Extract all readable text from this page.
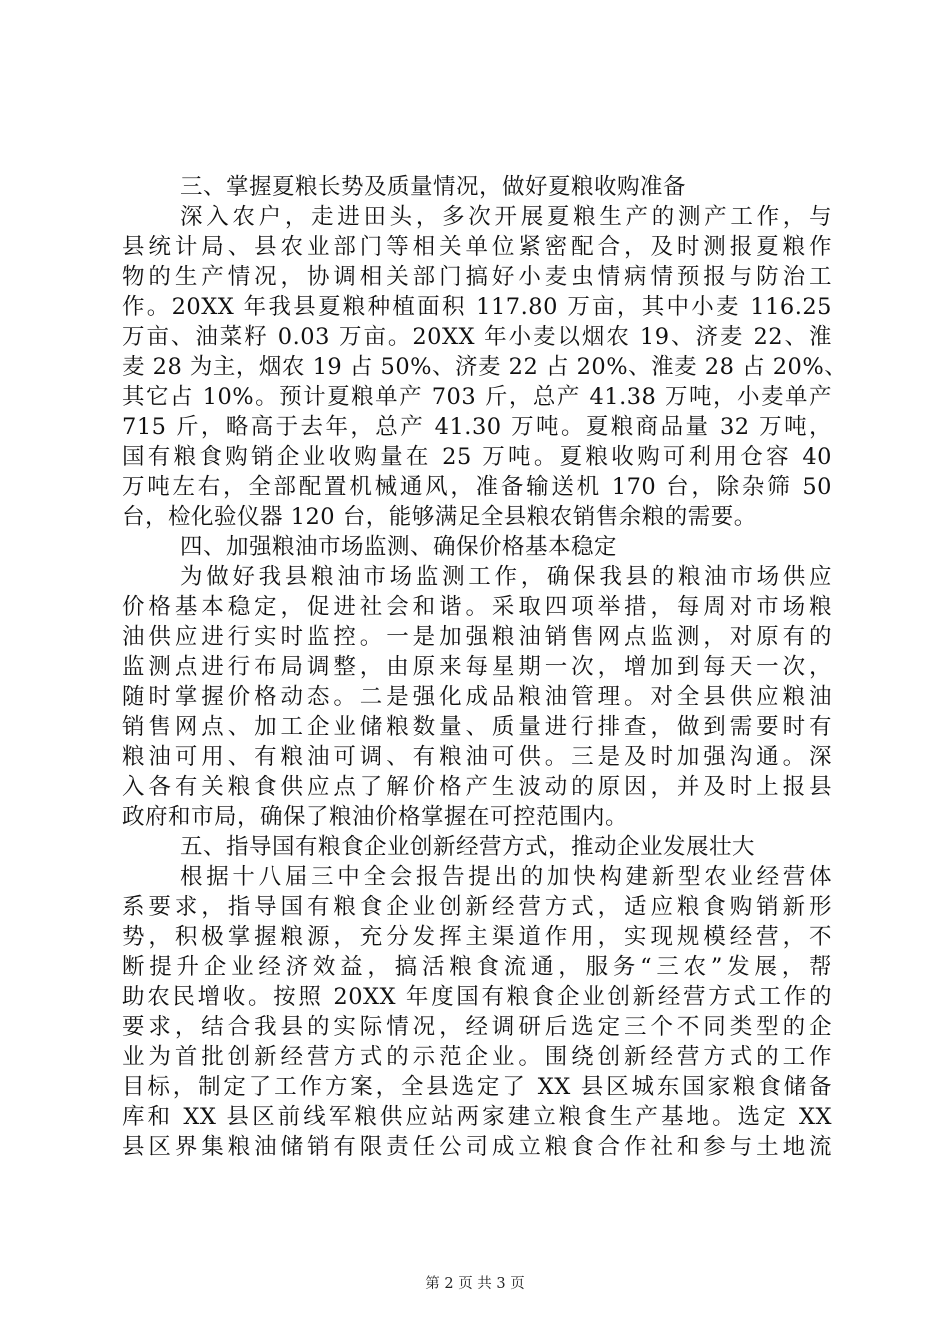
三、掌握夏粮长势及质量情况，做好夏粮收购准备
深入农户，走进田头，多次开展夏粮生产的测产工作，与
县统计局、县农业部门等相关单位紧密配合，及时测报夏粮作
物的生产情况，协调相关部门搞好小麦虫情病情预报与防治工
作。20XX 年我县夏粮种植面积 117.80 万亩，其中小麦 116.25
万亩、油菜籽 0.03 万亩。20XX 年小麦以烟农 19、济麦 22、淮
麦 28 为主，烟农 19 占 50%、济麦 22 占 20%、淮麦 28 占 20%、
其它占 10%。预计夏粮单产 703 斤，总产 41.38 万吨，小麦单产
715 斤，略高于去年，总产 41.30 万吨。夏粮商品量 32 万吨，
国有粮食购销企业收购量在 25 万吨。夏粮收购可利用仓容 40
万吨左右，全部配置机械通风，准备输送机 170 台，除杂筛 50
台，检化验仪器 120 台，能够满足全县粮农销售余粮的需要。
四、加强粮油市场监测、确保价格基本稳定
为做好我县粮油市场监测工作，确保我县的粮油市场供应
价格基本稳定，促进社会和谐。采取四项举措，每周对市场粮
油供应进行实时监控。一是加强粮油销售网点监测，对原有的
监测点进行布局调整，由原来每星期一次，增加到每天一次，
随时掌握价格动态。二是强化成品粮油管理。对全县供应粮油
销售网点、加工企业储粮数量、质量进行排查，做到需要时有
粮油可用、有粮油可调、有粮油可供。三是及时加强沟通。深
入各有关粮食供应点了解价格产生波动的原因，并及时上报县
政府和市局，确保了粮油价格掌握在可控范围内。
五、指导国有粮食企业创新经营方式，推动企业发展壮大
根据十八届三中全会报告提出的加快构建新型农业经营体
系要求，指导国有粮食企业创新经营方式，适应粮食购销新形
势，积极掌握粮源，充分发挥主渠道作用，实现规模经营，不
断提升企业经济效益，搞活粮食流通，服务“三农”发展，帮
助农民增收。按照 20XX 年度国有粮食企业创新经营方式工作的
要求，结合我县的实际情况，经调研后选定三个不同类型的企
业为首批创新经营方式的示范企业。围绕创新经营方式的工作
目标，制定了工作方案，全县选定了 XX 县区城东国家粮食储备
库和 XX 县区前线军粮供应站两家建立粮食生产基地。选定 XX
县区界集粮油储销有限责任公司成立粮食合作社和参与土地流
第 2 页 共 3 页
